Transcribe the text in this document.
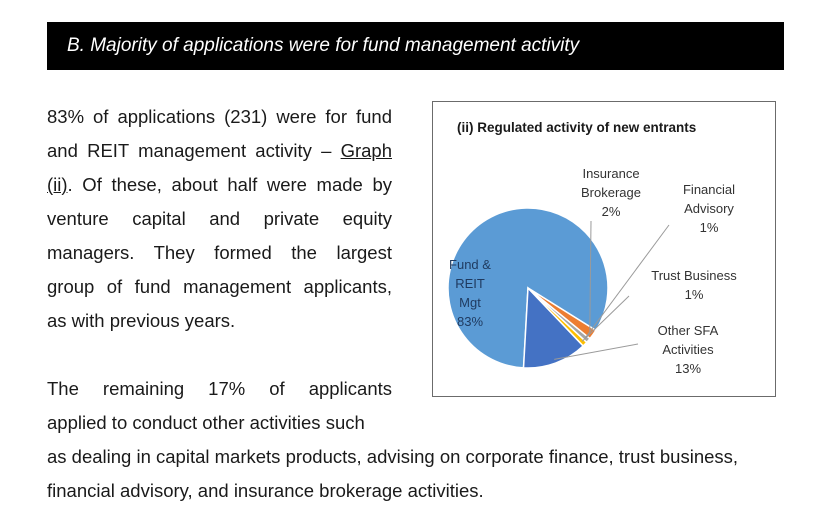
B. Majority of applications were for fund management activity
83% of applications (231) were for fund
and REIT management activity – Graph
(ii). Of these, about half were made by
venture capital and private equity
managers. They formed the largest
group of fund management applicants,
as with previous years.
The remaining 17% of applicants
applied to conduct other activities such
as dealing in capital markets products, advising on corporate finance, trust business,
financial advisory, and insurance brokerage activities.
(ii) Regulated activity of new entrants
Fund & REIT Mgt 83%
Other SFA Activities 13%
Trust Business 1%
Financial Advisory 1%
Insurance Brokerage 2%
